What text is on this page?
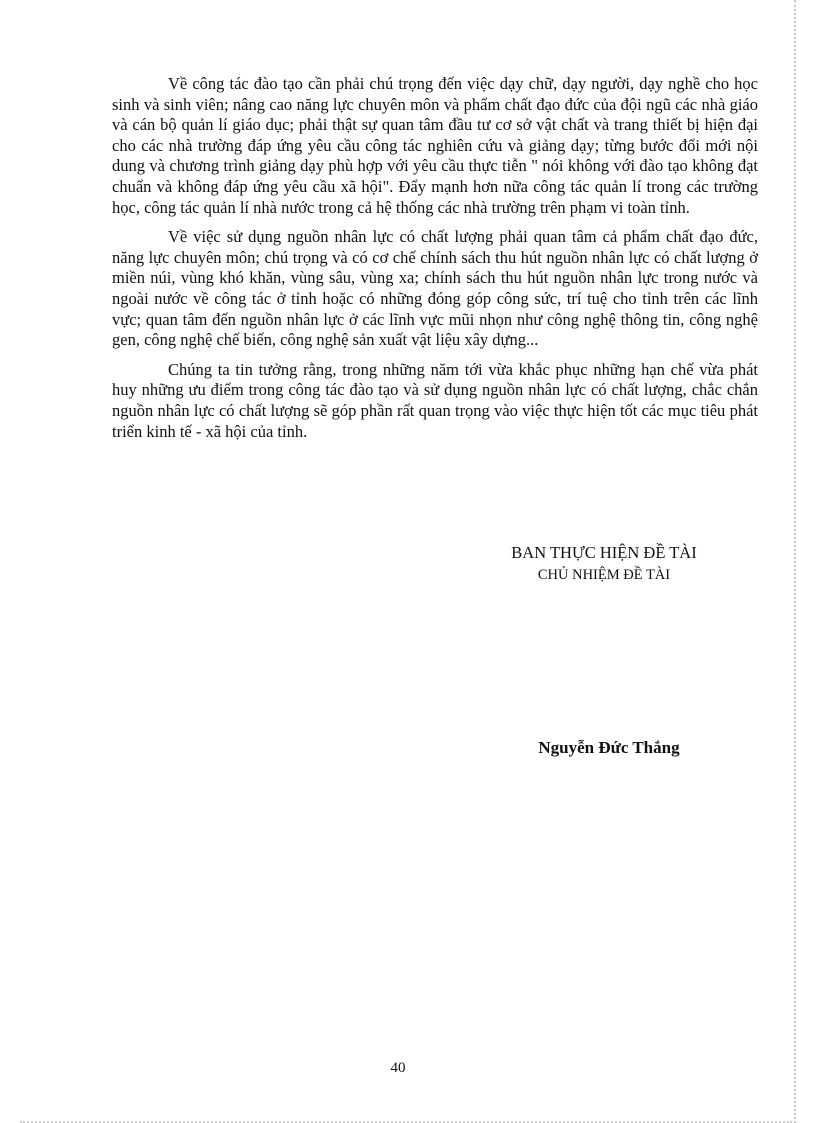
Về công tác đào tạo cần phải chú trọng đến việc dạy chữ, dạy người, dạy nghề cho học sinh và sinh viên; nâng cao năng lực chuyên môn và phẩm chất đạo đức của đội ngũ các nhà giáo và cán bộ quản lí giáo dục; phải thật sự quan tâm đầu tư cơ sở vật chất và trang thiết bị hiện đại cho các nhà trường đáp ứng yêu cầu công tác nghiên cứu và giảng dạy; từng bước đổi mới nội dung và chương trình giảng dạy phù hợp với yêu cầu thực tiễn " nói không với đào tạo không đạt chuẩn và không đáp ứng yêu cầu xã hội". Đẩy mạnh hơn nữa công tác quản lí trong các trường học, công tác quản lí nhà nước trong cả hệ thống các nhà trường trên phạm vi toàn tỉnh.

Về việc sử dụng nguồn nhân lực có chất lượng phải quan tâm cả phẩm chất đạo đức, năng lực chuyên môn; chú trọng và có cơ chế chính sách thu hút nguồn nhân lực có chất lượng ở miền núi, vùng khó khăn, vùng sâu, vùng xa; chính sách thu hút nguồn nhân lực trong nước và ngoài nước về công tác ở tỉnh hoặc có những đóng góp công sức, trí tuệ cho tỉnh trên các lĩnh vực; quan tâm đến nguồn nhân lực ở các lĩnh vực mũi nhọn như công nghệ thông tin, công nghệ gen, công nghệ chế biến, công nghệ sản xuất vật liệu xây dựng...

Chúng ta tin tưởng rằng, trong những năm tới vừa khắc phục những hạn chế vừa phát huy những ưu điểm trong công tác đào tạo và sử dụng nguồn nhân lực có chất lượng, chắc chắn nguồn nhân lực có chất lượng sẽ góp phần rất quan trọng vào việc thực hiện tốt các mục tiêu phát triển kinh tế - xã hội của tỉnh.

BAN THỰC HIỆN ĐỀ TÀI
CHỦ NHIỆM ĐỀ TÀI
Nguyễn Đức Thắng
40
